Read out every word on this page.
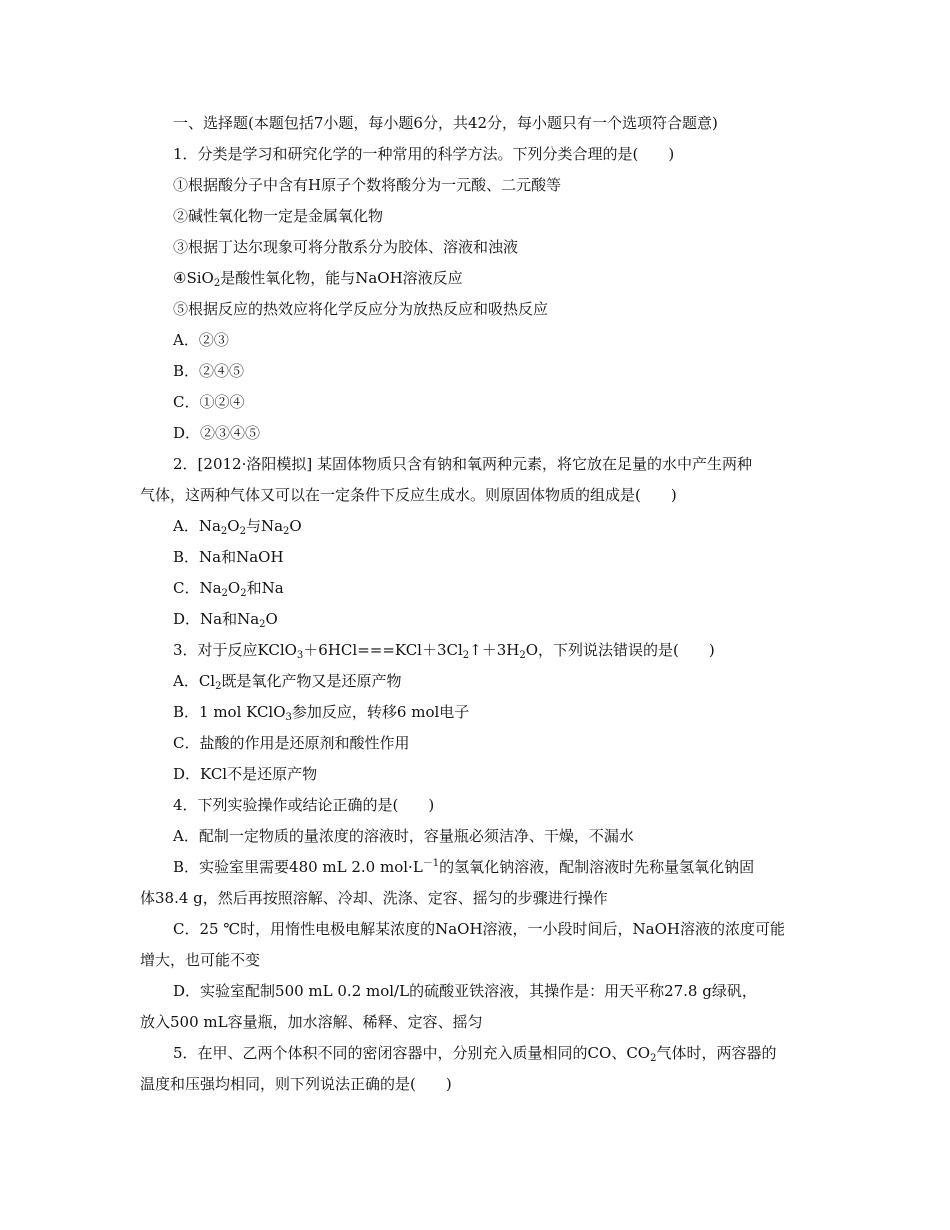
一、选择题(本题包括7小题，每小题6分，共42分，每小题只有一个选项符合题意)
1．分类是学习和研究化学的一种常用的科学方法。下列分类合理的是(　　)
①根据酸分子中含有H原子个数将酸分为一元酸、二元酸等
②碱性氧化物一定是金属氧化物
③根据丁达尔现象可将分散系分为胶体、溶液和浊液
④SiO$_2$是酸性氧化物，能与NaOH溶液反应
⑤根据反应的热效应将化学反应分为放热反应和吸热反应
A．②③
B．②④⑤
C．①②④
D．②③④⑤
2．[2012·洛阳模拟] 某固体物质只含有钠和氧两种元素，将它放在足量的水中产生两种
气体，这两种气体又可以在一定条件下反应生成水。则原固体物质的组成是(　　)
A．$Na_2O_2$与$Na_2O$
B．Na和NaOH
C．$Na_2O_2$和Na
D．Na和$Na_2O$
3．对于反应$KClO_3+6HCl===KCl+3Cl_2↑+3H_2O$，下列说法错误的是(　　)
A．$Cl_2$既是氧化产物又是还原产物
B．1 mol KClO$_3$参加反应，转移6 mol电子
C．盐酸的作用是还原剂和酸性作用
D．KCl不是还原产物
4．下列实验操作或结论正确的是(　　)
A．配制一定物质的量浓度的溶液时，容量瓶必须洁净、干燥，不漏水
B．实验室里需要480 mL 2.0 $mol\cdot L^{-1}$的氢氧化钠溶液，配制溶液时先称量氢氧化钠固
体38.4 g，然后再按照溶解、冷却、洗涤、定容、摇匀的步骤进行操作
C．25 ℃时，用惰性电极电解某浓度的NaOH溶液，一小段时间后，NaOH溶液的浓度可能
增大，也可能不变
D．实验室配制500 mL 0.2 mol/L的硫酸亚铁溶液，其操作是：用天平称27.8 g绿矾，
放入500 mL容量瓶，加水溶解、稀释、定容、摇匀
5．在甲、乙两个体积不同的密闭容器中，分别充入质量相同的CO、$CO_2$气体时，两容器的
温度和压强均相同，则下列说法正确的是(　　)
